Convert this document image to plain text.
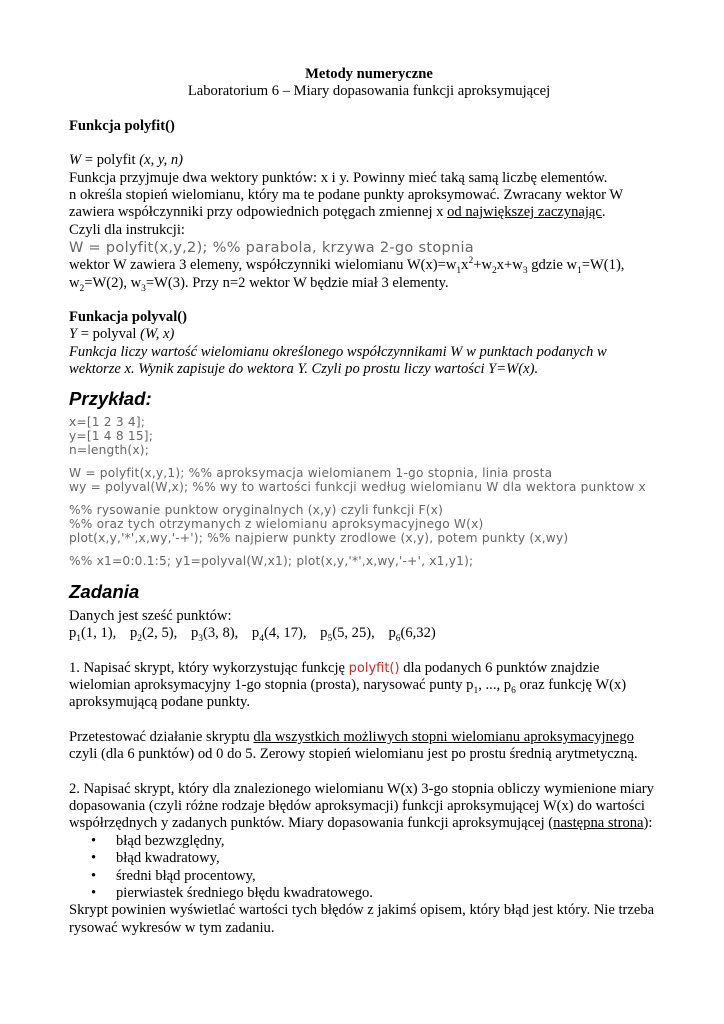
Metody numeryczne
Laboratorium 6 – Miary dopasowania funkcji aproksymującej
Funkcja polyfit()
W = polyfit (x, y, n)
Funkcja przyjmuje dwa wektory punktów: x i y. Powinny mieć taką samą liczbę elementów.
n określa stopień wielomianu, który ma te podane punkty aproksymować. Zwracany wektor W
zawiera współczynniki przy odpowiednich potęgach zmiennej x od największej zaczynając.
Czyli dla instrukcji:
W = polyfit(x,y,2); %% parabola, krzywa 2-go stopnia
wektor W zawiera 3 elemeny, współczynniki wielomianu $W(x)=w_1x^2+w_2x+w_3$ gdzie $w_1=W(1)$,
$w_2=W(2)$, $w_3=W(3)$. Przy n=2 wektor W będzie miał 3 elementy.
Funkacja polyval()
Y = polyval (W, x)
Funkcja liczy wartość wielomianu określonego współczynnikami W w punktach podanych w
wektorze x. Wynik zapisuje do wektora Y. Czyli po prostu liczy wartości Y=W(x).
Przykład:
x=[1 2 3 4];
y=[1 4 8 15];
n=length(x);
W = polyfit(x,y,1); %% aproksymacja wielomianem 1-go stopnia, linia prosta
wy = polyval(W,x); %% wy to wartości funkcji według wielomianu W dla wektora punktow x
%% rysowanie punktow oryginalnych (x,y) czyli funkcji F(x)
%% oraz tych otrzymanych z wielomianu aproksymacyjnego W(x)
plot(x,y,'*',x,wy,'-+'); %% najpierw punkty zrodlowe (x,y), potem punkty (x,wy)
%% x1=0:0.1:5; y1=polyval(W,x1); plot(x,y,'*',x,wy,'-+', x1,y1);
Zadania
Danych jest sześć punktów:
$p_1(1$, 1), $p_2(2$, 5), $p_3(3$, 8), $p_4(4$, 17), $p_5(5$, 25), $p_6(6,32)$
1. Napisać skrypt, który wykorzystując funkcję polyfit() dla podanych 6 punktów znajdzie
wielomian aproksymacyjny 1-go stopnia (prosta), narysować punty $p_1$, ..., $p_6$ oraz funkcję W(x)
aproksymującą podane punkty.
Przetestować działanie skryptu dla wszystkich możliwych stopni wielomianu aproksymacyjnego
czyli (dla 6 punktów) od 0 do 5. Zerowy stopień wielomianu jest po prostu średnią arytmetyczną.
2. Napisać skrypt, który dla znalezionego wielomianu W(x) 3-go stopnia obliczy wymienione miary
dopasowania (czyli różne rodzaje błędów aproksymacji) funkcji aproksymującej W(x) do wartości
współrzędnych y zadanych punktów. Miary dopasowania funkcji aproksymującej (następna strona):
• błąd bezwzględny,
• błąd kwadratowy,
• średni błąd procentowy,
• pierwiastek średniego błędu kwadratowego.
Skrypt powinien wyświetlać wartości tych błędów z jakimś opisem, który błąd jest który. Nie trzeba
rysować wykresów w tym zadaniu.
